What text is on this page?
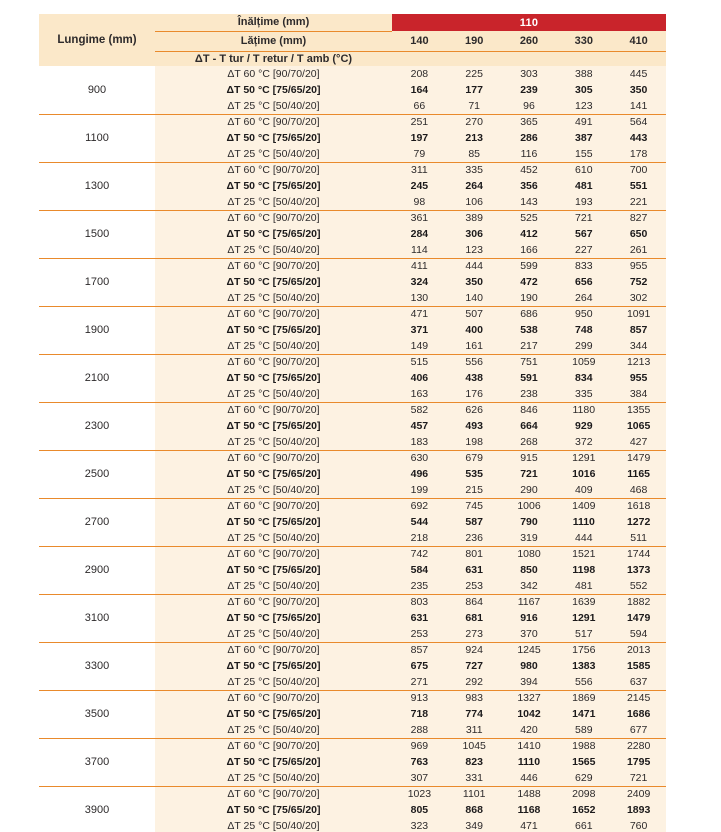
Lungime (mm)	Înălțime (mm)	110				
	Lățime (mm)	140	190	260	330	410
	ΔT - T tur / T retur / T amb (°C)					
900	ΔT 60 °C [90/70/20]	208	225	303	388	445
	ΔT 50 °C [75/65/20]	164	177	239	305	350
	ΔT 25 °C [50/40/20]	66	71	96	123	141
1100	ΔT 60 °C [90/70/20]	251	270	365	491	564
	ΔT 50 °C [75/65/20]	197	213	286	387	443
	ΔT 25 °C [50/40/20]	79	85	116	155	178
1300	ΔT 60 °C [90/70/20]	311	335	452	610	700
	ΔT 50 °C [75/65/20]	245	264	356	481	551
	ΔT 25 °C [50/40/20]	98	106	143	193	221
1500	ΔT 60 °C [90/70/20]	361	389	525	721	827
	ΔT 50 °C [75/65/20]	284	306	412	567	650
	ΔT 25 °C [50/40/20]	114	123	166	227	261
1700	ΔT 60 °C [90/70/20]	411	444	599	833	955
	ΔT 50 °C [75/65/20]	324	350	472	656	752
	ΔT 25 °C [50/40/20]	130	140	190	264	302
1900	ΔT 60 °C [90/70/20]	471	507	686	950	1091
	ΔT 50 °C [75/65/20]	371	400	538	748	857
	ΔT 25 °C [50/40/20]	149	161	217	299	344
2100	ΔT 60 °C [90/70/20]	515	556	751	1059	1213
	ΔT 50 °C [75/65/20]	406	438	591	834	955
	ΔT 25 °C [50/40/20]	163	176	238	335	384
2300	ΔT 60 °C [90/70/20]	582	626	846	1180	1355
	ΔT 50 °C [75/65/20]	457	493	664	929	1065
	ΔT 25 °C [50/40/20]	183	198	268	372	427
2500	ΔT 60 °C [90/70/20]	630	679	915	1291	1479
	ΔT 50 °C [75/65/20]	496	535	721	1016	1165
	ΔT 25 °C [50/40/20]	199	215	290	409	468
2700	ΔT 60 °C [90/70/20]	692	745	1006	1409	1618
	ΔT 50 °C [75/65/20]	544	587	790	1110	1272
	ΔT 25 °C [50/40/20]	218	236	319	444	511
2900	ΔT 60 °C [90/70/20]	742	801	1080	1521	1744
	ΔT 50 °C [75/65/20]	584	631	850	1198	1373
	ΔT 25 °C [50/40/20]	235	253	342	481	552
3100	ΔT 60 °C [90/70/20]	803	864	1167	1639	1882
	ΔT 50 °C [75/65/20]	631	681	916	1291	1479
	ΔT 25 °C [50/40/20]	253	273	370	517	594
3300	ΔT 60 °C [90/70/20]	857	924	1245	1756	2013
	ΔT 50 °C [75/65/20]	675	727	980	1383	1585
	ΔT 25 °C [50/40/20]	271	292	394	556	637
3500	ΔT 60 °C [90/70/20]	913	983	1327	1869	2145
	ΔT 50 °C [75/65/20]	718	774	1042	1471	1686
	ΔT 25 °C [50/40/20]	288	311	420	589	677
3700	ΔT 60 °C [90/70/20]	969	1045	1410	1988	2280
	ΔT 50 °C [75/65/20]	763	823	1110	1565	1795
	ΔT 25 °C [50/40/20]	307	331	446	629	721
3900	ΔT 60 °C [90/70/20]	1023	1101	1488	2098	2409
	ΔT 50 °C [75/65/20]	805	868	1168	1652	1893
	ΔT 25 °C [50/40/20]	323	349	471	661	760
